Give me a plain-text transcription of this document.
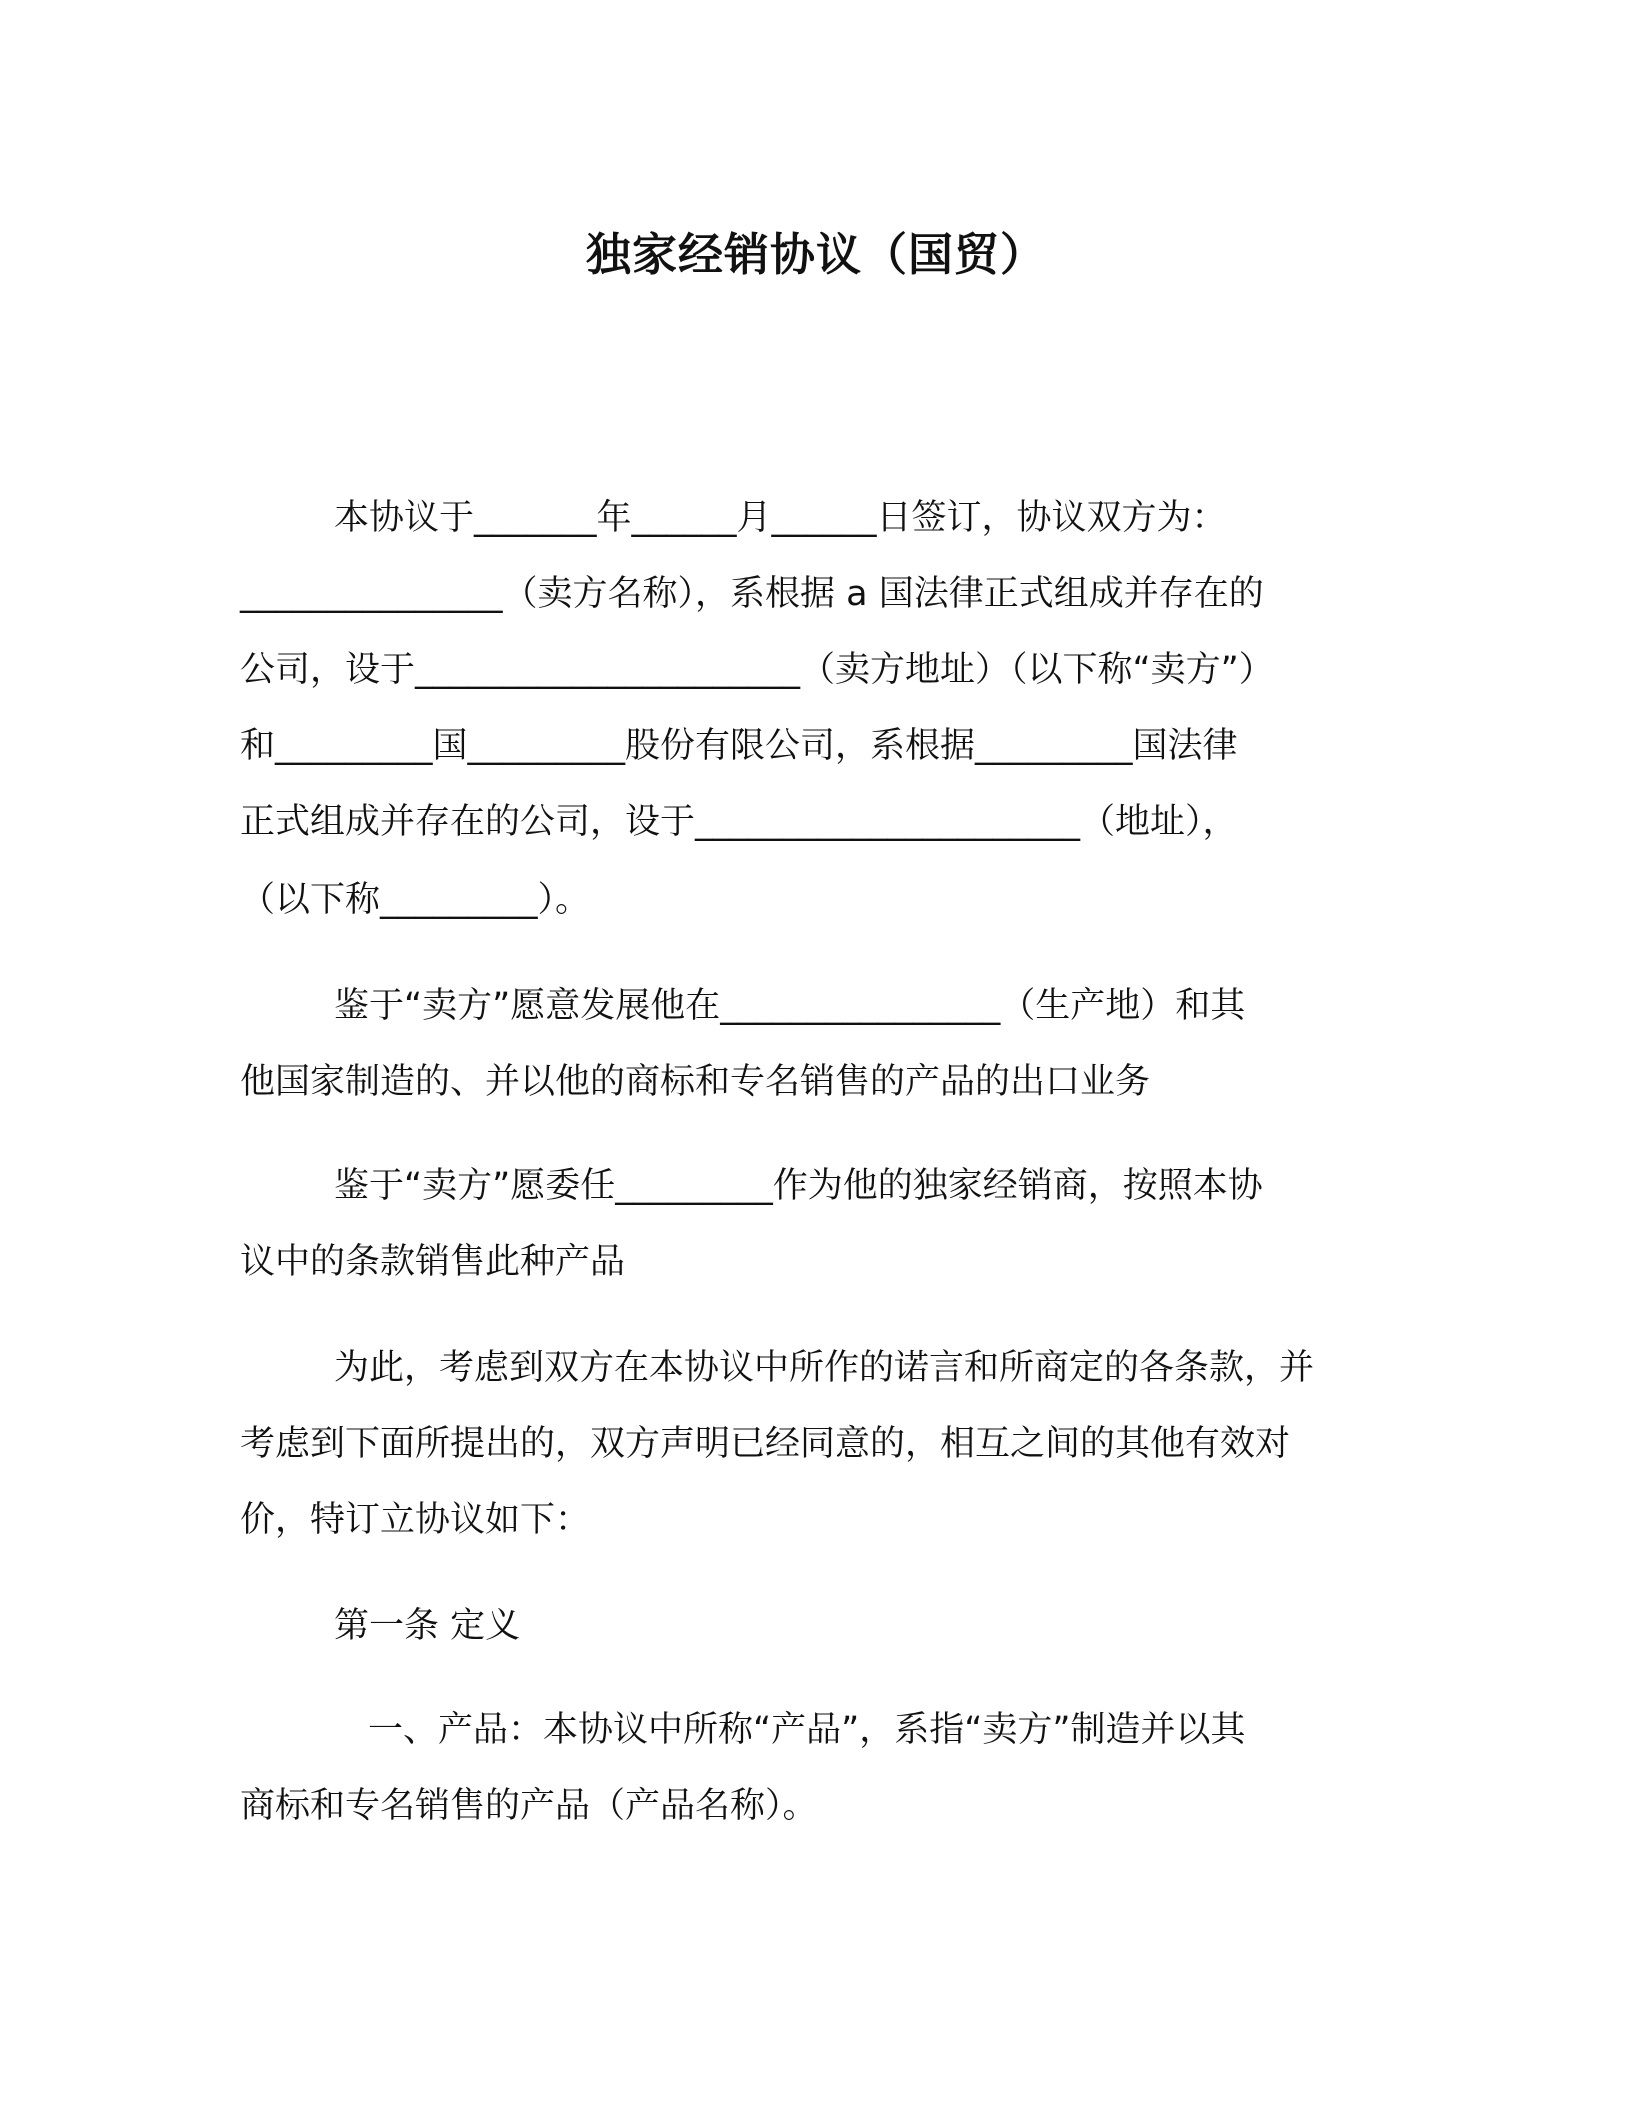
独家经销协议（国贸）

本协议于_______年______月______日签订，协议双方为：

_______________（卖方名称），系根据 a 国法律正式组成并存在的

公司，设于______________________（卖方地址）（以下称“卖方”）

和_________国_________股份有限公司，系根据_________国法律

正式组成并存在的公司，设于______________________（地址），

（以下称_________）。

鉴于“卖方”愿意发展他在________________（生产地）和其

他国家制造的、并以他的商标和专名销售的产品的出口业务

鉴于“卖方”愿委任_________作为他的独家经销商，按照本协

议中的条款销售此种产品

为此，考虑到双方在本协议中所作的诺言和所商定的各条款，并

考虑到下面所提出的，双方声明已经同意的，相互之间的其他有效对

价，特订立协议如下：

第一条 定义

一、产品：本协议中所称“产品”，系指“卖方”制造并以其

商标和专名销售的产品（产品名称）。
